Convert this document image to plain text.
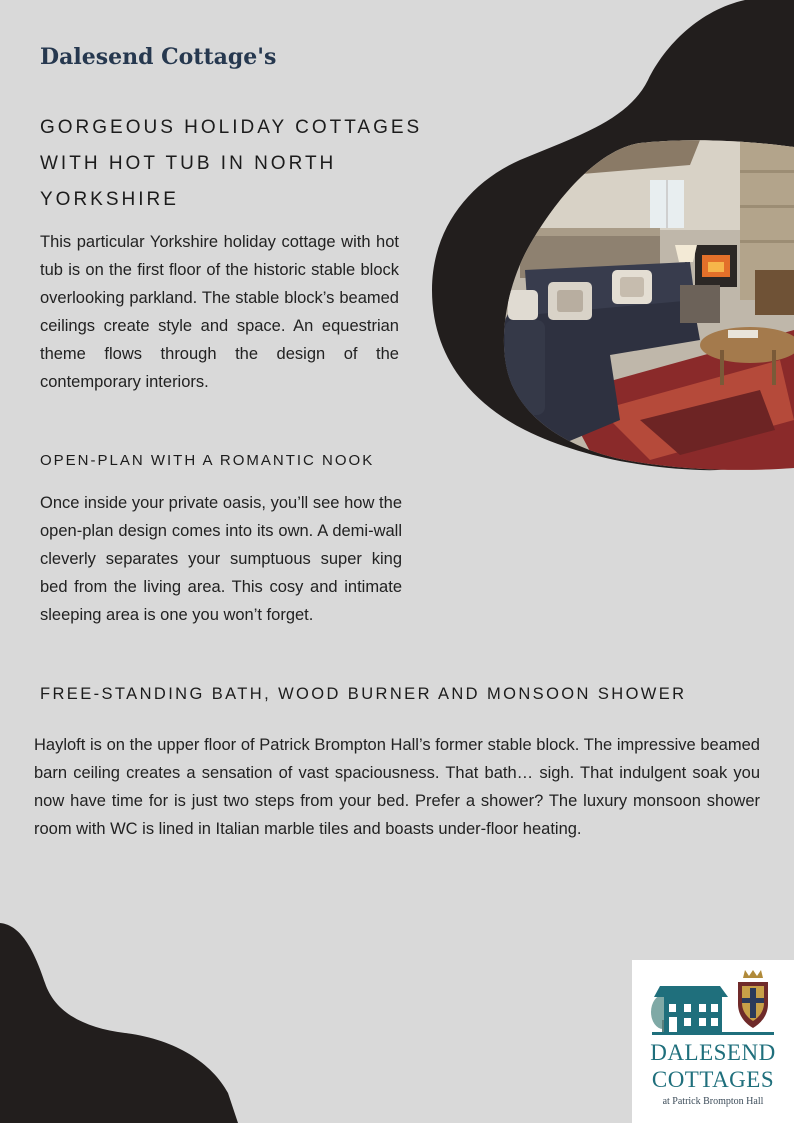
Dalesend Cottage's
GORGEOUS HOLIDAY COTTAGES WITH HOT TUB IN NORTH YORKSHIRE

This particular Yorkshire holiday cottage with hot tub is on the first floor of the historic stable block overlooking parkland. The stable block’s beamed ceilings create style and space. An equestrian theme flows through the design of the contemporary interiors.

OPEN-PLAN WITH A ROMANTIC NOOK

Once inside your private oasis, you’ll see how the open-plan design comes into its own. A demi-wall cleverly separates your sumptuous super king bed from the living area. This cosy and intimate sleeping area is one you won’t forget.

FREE-STANDING BATH, WOOD BURNER AND MONSOON SHOWER

Hayloft is on the upper floor of Patrick Brompton Hall’s former stable block. The impressive beamed barn ceiling creates a sensation of vast spaciousness. That bath… sigh. That indulgent soak you now have time for is just two steps from your bed. Prefer a shower? The luxury monsoon shower room with WC is lined in Italian marble tiles and boasts under-floor heating.

DALESEND
COTTAGES
at Patrick Brompton Hall
